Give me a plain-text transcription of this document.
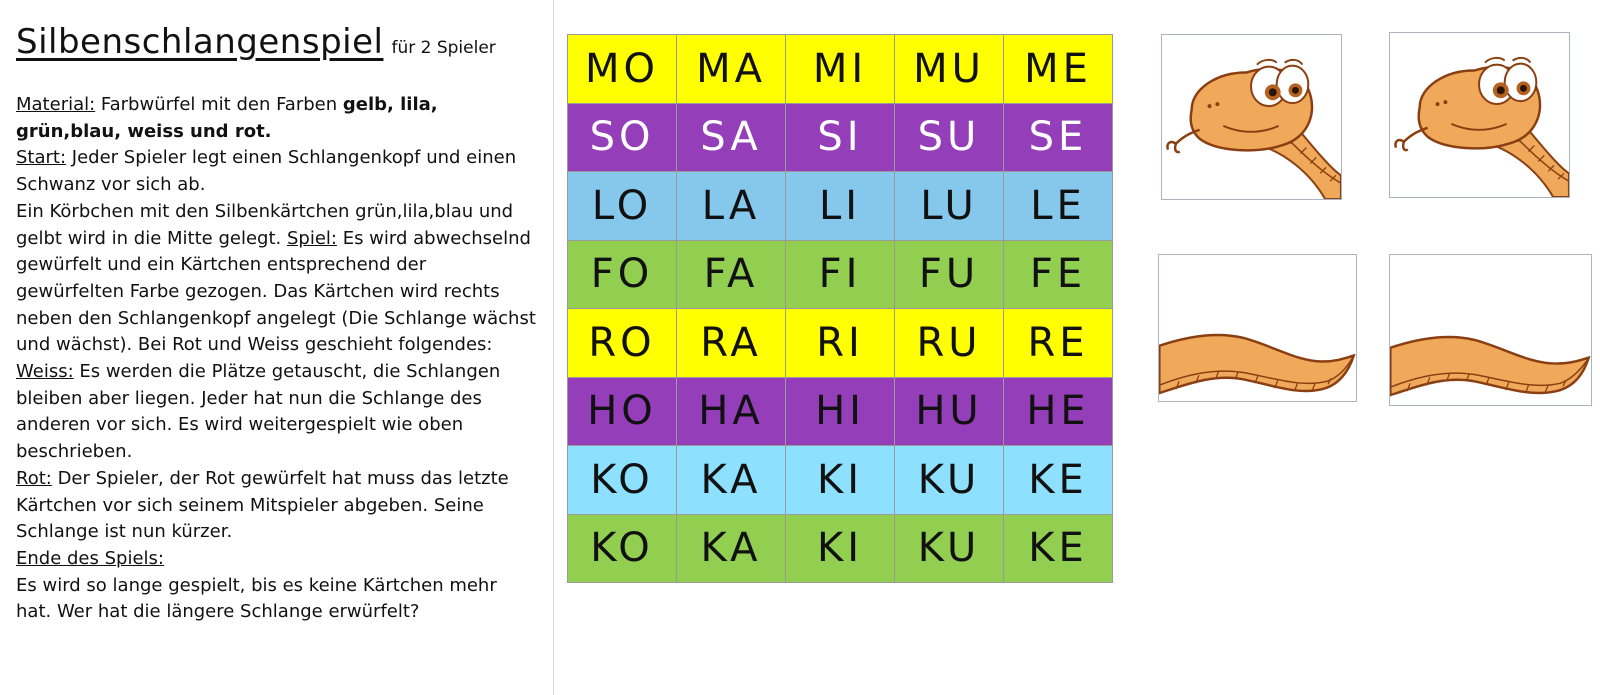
Silbenschlangenspiel für 2 Spieler

Material: Farbwürfel mit den Farben gelb, lila, grün,blau, weiss und rot.

Start: Jeder Spieler legt einen Schlangenkopf und einen Schwanz vor sich ab.

Ein Körbchen mit den Silbenkärtchen grün,lila,blau und gelbt wird in die Mitte gelegt. Spiel: Es wird abwechselnd gewürfelt und ein Kärtchen entsprechend der gewürfelten Farbe gezogen. Das Kärtchen wird rechts neben den Schlangenkopf angelegt (Die Schlange wächst und wächst). Bei Rot und Weiss geschieht folgendes:

Weiss: Es werden die Plätze getauscht, die Schlangen bleiben aber liegen. Jeder hat nun die Schlange des anderen vor sich. Es wird weitergespielt wie oben beschrieben.

Rot: Der Spieler, der Rot gewürfelt hat muss das letzte Kärtchen vor sich seinem Mitspieler abgeben. Seine Schlange ist nun kürzer.

Ende des Spiels:

Es wird so lange gespielt, bis es keine Kärtchen mehr hat. Wer hat die längere Schlange erwürfelt?

MO MA	MI	MU ME
SO	SA	SI	SU	SE
LO	LA	LI	LU	LE
FO	FA	FI	FU	FE
RO	RA	RI	RU	RE
HO	HA	HI	HU	HE
KO	KA	KI	KU	KE
KO	KA	KI	KU	KE
